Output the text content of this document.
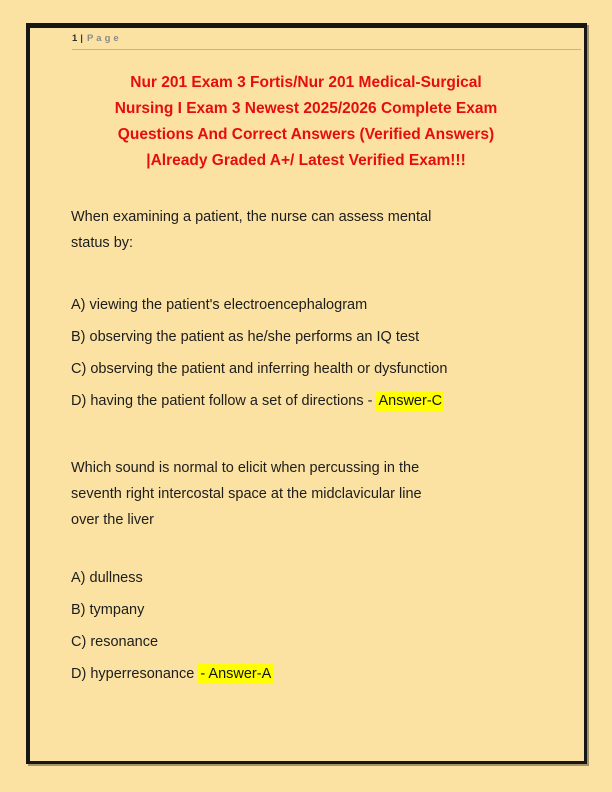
1 | Page
Nur 201 Exam 3 Fortis/Nur 201 Medical-Surgical
Nursing I Exam 3 Newest 2025/2026 Complete Exam
Questions And Correct Answers (Verified Answers)
|Already Graded A+/ Latest Verified Exam!!!
When examining a patient, the nurse can assess mental
status by:
A) viewing the patient's electroencephalogram
B) observing the patient as he/she performs an IQ test
C) observing the patient and inferring health or dysfunction
D) having the patient follow a set of directions - Answer-C
Which sound is normal to elicit when percussing in the
seventh right intercostal space at the midclavicular line
over the liver
A) dullness
B) tympany
C) resonance
D) hyperresonance - Answer-A
